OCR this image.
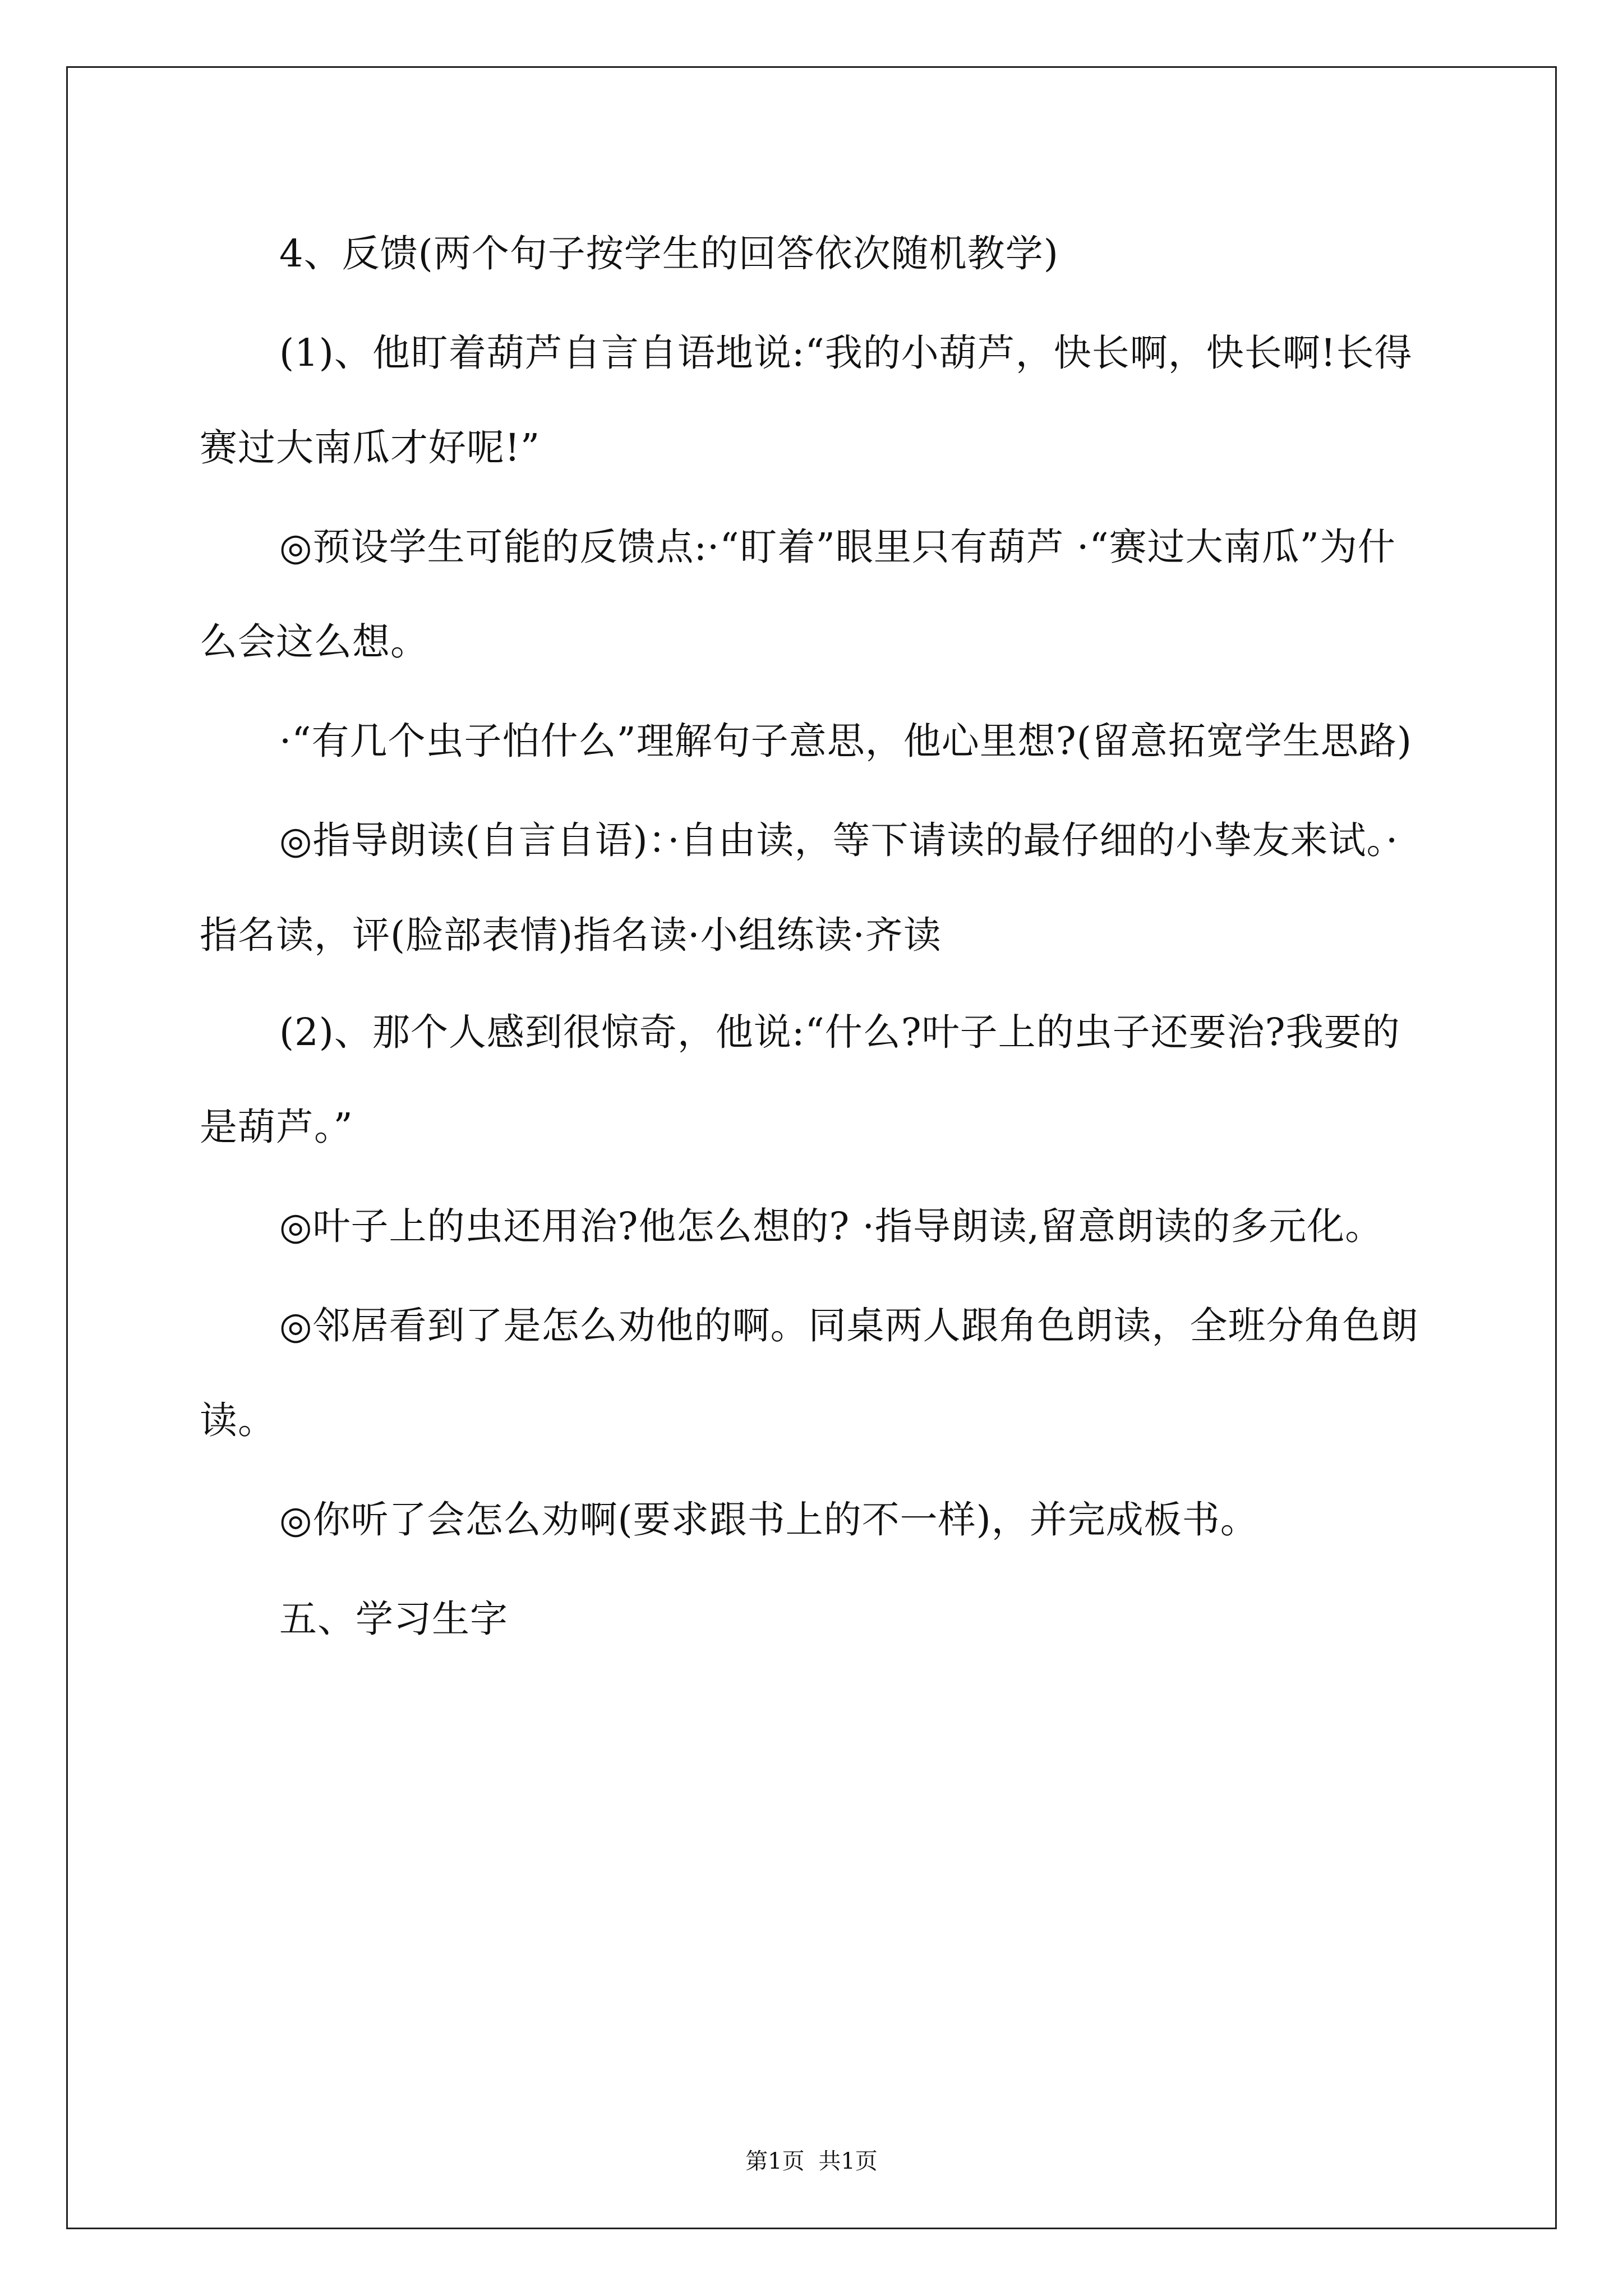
4、反馈(两个句子按学生的回答依次随机教学)

(1)、他盯着葫芦自言自语地说:“我的小葫芦，快长啊，快长啊!长得赛过大南瓜才好呢!”

◎预设学生可能的反馈点:·“盯着”眼里只有葫芦 ·“赛过大南瓜”为什么会这么想。

·“有几个虫子怕什么”理解句子意思，他心里想?(留意拓宽学生思路)

◎指导朗读(自言自语)：·自由读，等下请读的最仔细的小挚友来试。·指名读，评(脸部表情)指名读·小组练读·齐读

(2)、那个人感到很惊奇，他说:“什么?叶子上的虫子还要治?我要的是葫芦。”

◎叶子上的虫还用治?他怎么想的? ·指导朗读,留意朗读的多元化。

◎邻居看到了是怎么劝他的啊。同桌两人跟角色朗读，全班分角色朗读。

◎你听了会怎么劝啊(要求跟书上的不一样)，并完成板书。

五、学习生字

第1页 共1页
